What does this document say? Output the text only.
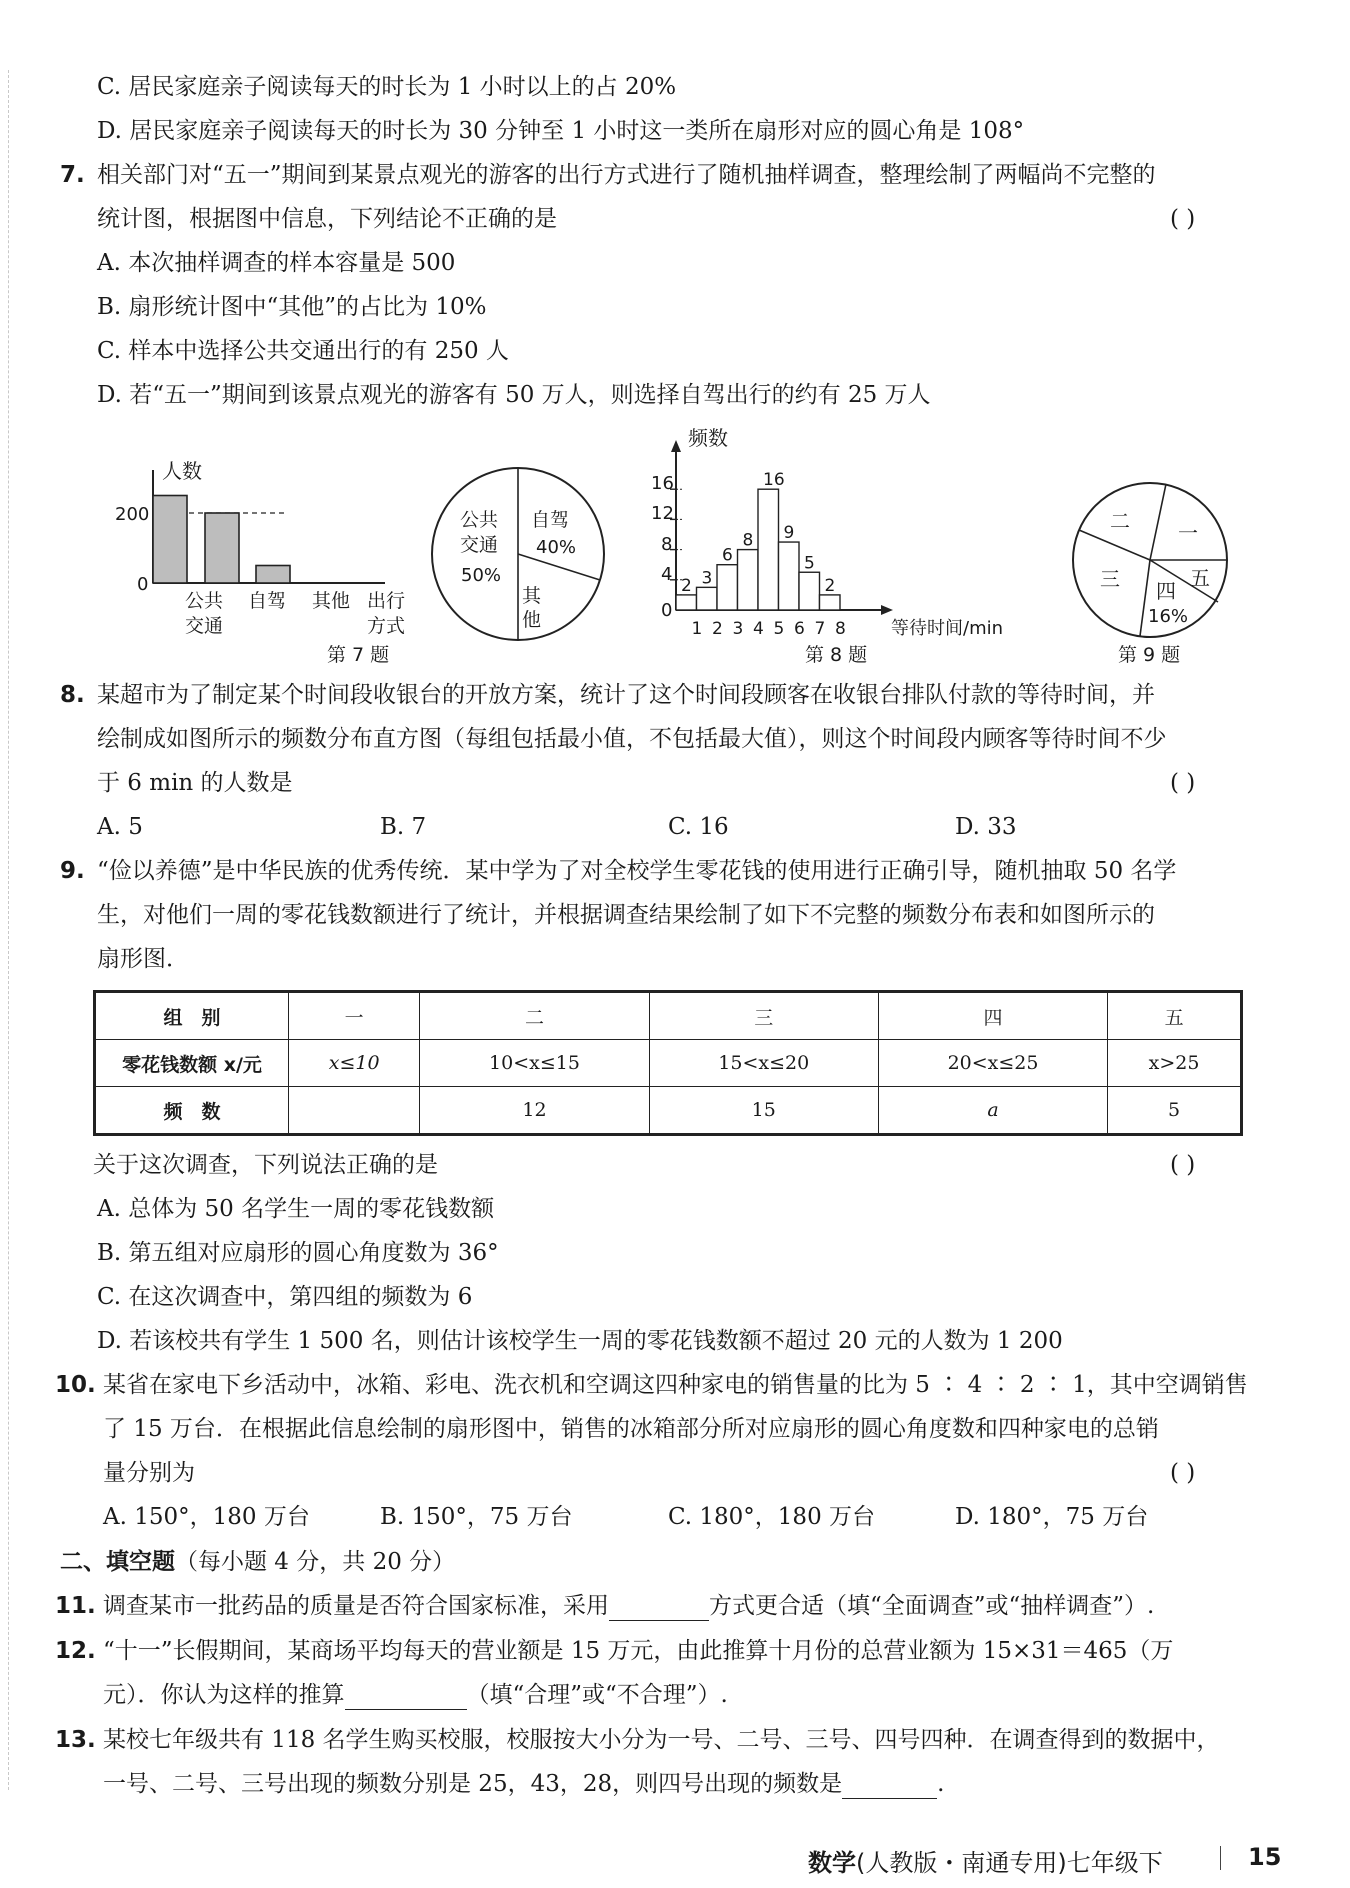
C. 居民家庭亲子阅读每天的时长为 1 小时以上的占 20%
D. 居民家庭亲子阅读每天的时长为 30 分钟至 1 小时这一类所在扇形对应的圆心角是 108°
7. 相关部门对“五一”期间到某景点观光的游客的出行方式进行了随机抽样调查，整理绘制了两幅尚不完整的
统计图，根据图中信息，下列结论不正确的是	( )
A. 本次抽样调查的样本容量是 500
B. 扇形统计图中“其他”的占比为 10%
C. 样本中选择公共交通出行的有 250 人
D. 若“五一”期间到该景点观光的游客有 50 万人，则选择自驾出行的约有 25 万人
人数
200
0
公共
交通
自驾 其他 出行
方式
公共
交通
50%
自驾
40%
其
他
第 7 题
频数
16
12
8
4
0
1 2 3 4 5 6 7 8
2 3
6
8
16
9
5
2
等待时间/min
第 8 题
二 一
三 四
16%
五
第 9 题
8. 某超市为了制定某个时间段收银台的开放方案，统计了这个时间段顾客在收银台排队付款的等待时间，并
绘制成如图所示的频数分布直方图（每组包括最小值，不包括最大值），则这个时间段内顾客等待时间不少
于 6 min 的人数是	( )
A. 5	B. 7	C. 16	D. 33
9. “俭以养德”是中华民族的优秀传统．某中学为了对全校学生零花钱的使用进行正确引导，随机抽取 50 名学
生，对他们一周的零花钱数额进行了统计，并根据调查结果绘制了如下不完整的频数分布表和如图所示的
扇形图．
组　别	一	二	三	四	五
零花钱数额 x/元	x≤10	10<x≤15	15<x≤20	20<x≤25	x>25
频　数		12	15	a	5
关于这次调查，下列说法正确的是	( )
A. 总体为 50 名学生一周的零花钱数额
B. 第五组对应扇形的圆心角度数为 36°
C. 在这次调查中，第四组的频数为 6
D. 若该校共有学生 1 500 名，则估计该校学生一周的零花钱数额不超过 20 元的人数为 1 200
10. 某省在家电下乡活动中，冰箱、彩电、洗衣机和空调这四种家电的销售量的比为 5 ∶ 4 ∶ 2 ∶ 1，其中空调销售
了 15 万台．在根据此信息绘制的扇形图中，销售的冰箱部分所对应扇形的圆心角度数和四种家电的总销
量分别为	( )
A. 150°，180 万台	B. 150°，75 万台	C. 180°，180 万台	D. 180°，75 万台
二、填空题（每小题 4 分，共 20 分）
11. 调查某市一批药品的质量是否符合国家标准，采用	方式更合适（填“全面调查”或“抽样调查”）.
12. “十一”长假期间，某商场平均每天的营业额是 15 万元，由此推算十月份的总营业额为 15×31＝465（万
元）．你认为这样的推算	（填“合理”或“不合理”）.
13. 某校七年级共有 118 名学生购买校服，校服按大小分为一号、二号、三号、四号四种．在调查得到的数据中，
一号、二号、三号出现的频数分别是 25，43，28，则四号出现的频数是	.
数学(人教版・南通专用)七年级下	15
